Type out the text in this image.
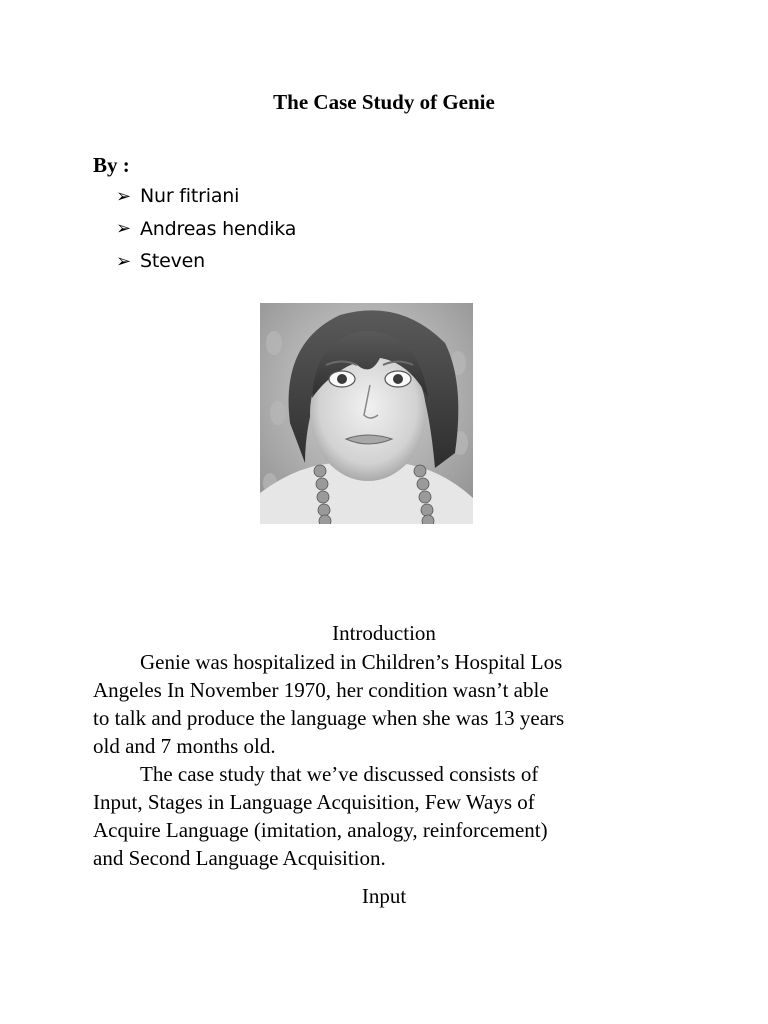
The Case Study of Genie
By :
➢ Nur fitriani
➢ Andreas hendika
➢ Steven
Introduction
Genie was hospitalized in Children’s Hospital Los
Angeles In November 1970, her condition wasn’t able
to talk and produce the language when she was 13 years
old and 7 months old.
The case study that we’ve discussed consists of
Input, Stages in Language Acquisition, Few Ways of
Acquire Language (imitation, analogy, reinforcement)
and Second Language Acquisition.
Input
